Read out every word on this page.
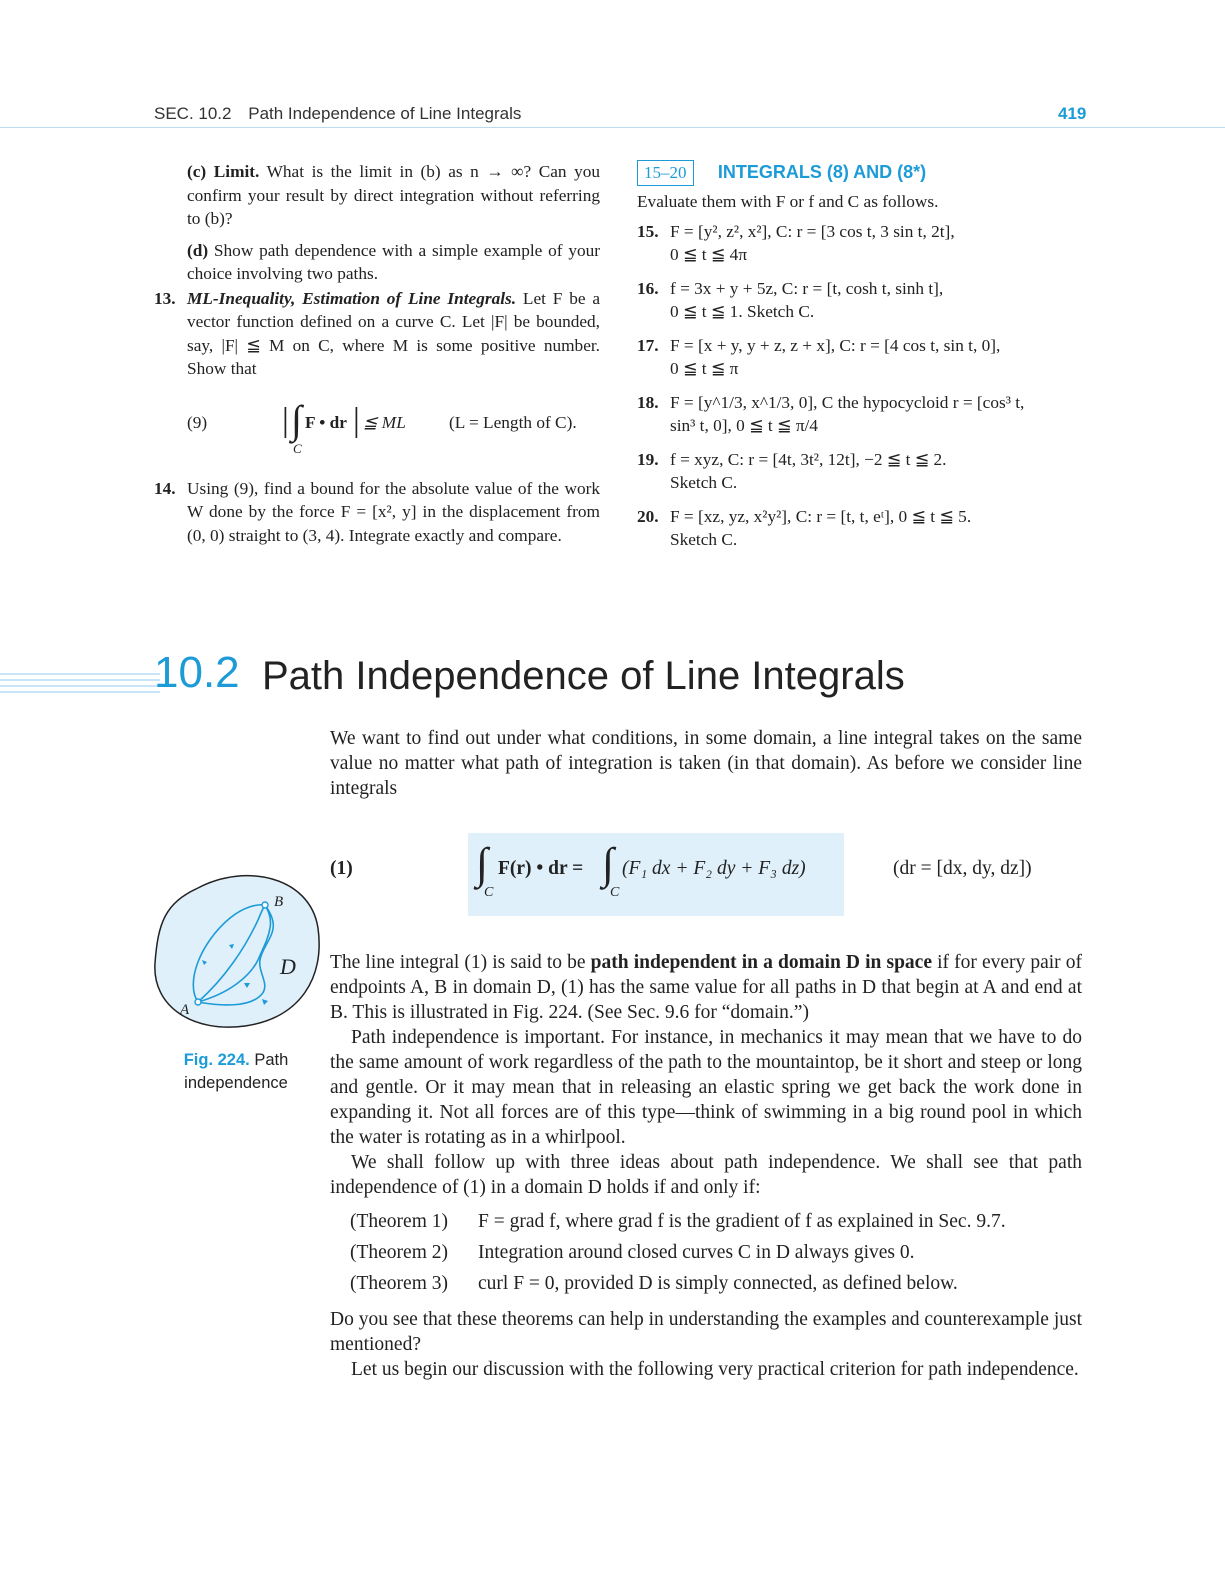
SEC. 10.2 Path Independence of Line Integrals	419

(c) Limit. What is the limit in (b) as n → ∞? Can you confirm your result by direct integration without referring to (b)?

(d) Show path dependence with a simple example of your choice involving two paths.

13. ML-Inequality, Estimation of Line Integrals. Let F be a vector function defined on a curve C. Let |F| be bounded, say, |F| ≦ M on C, where M is some positive number. Show that
(9) | ∫
C
F • dr | ≦ ML (L = Length of C).
14. Using (9), find a bound for the absolute value of the work W done by the force F = [x², y] in the displacement from (0, 0) straight to (3, 4). Integrate exactly and compare.
15–20 INTEGRALS (8) AND (8*)

Evaluate them with F or f and C as follows.

15. F = [y², z², x²], C: r = [3 cos t, 3 sin t, 2t],
0 ≦ t ≦ 4π
16. f = 3x + y + 5z, C: r = [t, cosh t, sinh t],
0 ≦ t ≦ 1. Sketch C.
17. F = [x + y, y + z, z + x], C: r = [4 cos t, sin t, 0],
0 ≦ t ≦ π
18. F = [y^1/3, x^1/3, 0], C the hypocycloid r = [cos³ t,
sin³ t, 0], 0 ≦ t ≦ π/4
19. f = xyz, C: r = [4t, 3t², 12t], −2 ≦ t ≦ 2.
Sketch C.
20. F = [xz, yz, x²y²], C: r = [t, t, eᵗ], 0 ≦ t ≦ 5.
Sketch C.
10.2 Path Independence of Line Integrals

We want to find out under what conditions, in some domain, a line integral takes on the same value no matter what path of integration is taken (in that domain). As before we consider line integrals

(1)	∫
C
F(r) • dr = ∫
C
(F₁ dx + F₂ dy + F₃ dz)	(dr = [dx, dy, dz])
A
B
D
Fig. 224. Path independence

The line integral (1) is said to be path independent in a domain D in space if for every pair of endpoints A, B in domain D, (1) has the same value for all paths in D that begin at A and end at B. This is illustrated in Fig. 224. (See Sec. 9.6 for “domain.”)

Path independence is important. For instance, in mechanics it may mean that we have to do the same amount of work regardless of the path to the mountaintop, be it short and steep or long and gentle. Or it may mean that in releasing an elastic spring we get back the work done in expanding it. Not all forces are of this type—think of swimming in a big round pool in which the water is rotating as in a whirlpool.

We shall follow up with three ideas about path independence. We shall see that path independence of (1) in a domain D holds if and only if:

(Theorem 1) F = grad f, where grad f is the gradient of f as explained in Sec. 9.7.
(Theorem 2) Integration around closed curves C in D always gives 0.
(Theorem 3) curl F = 0, provided D is simply connected, as defined below.

Do you see that these theorems can help in understanding the examples and counterexample just mentioned?

Let us begin our discussion with the following very practical criterion for path independence.
